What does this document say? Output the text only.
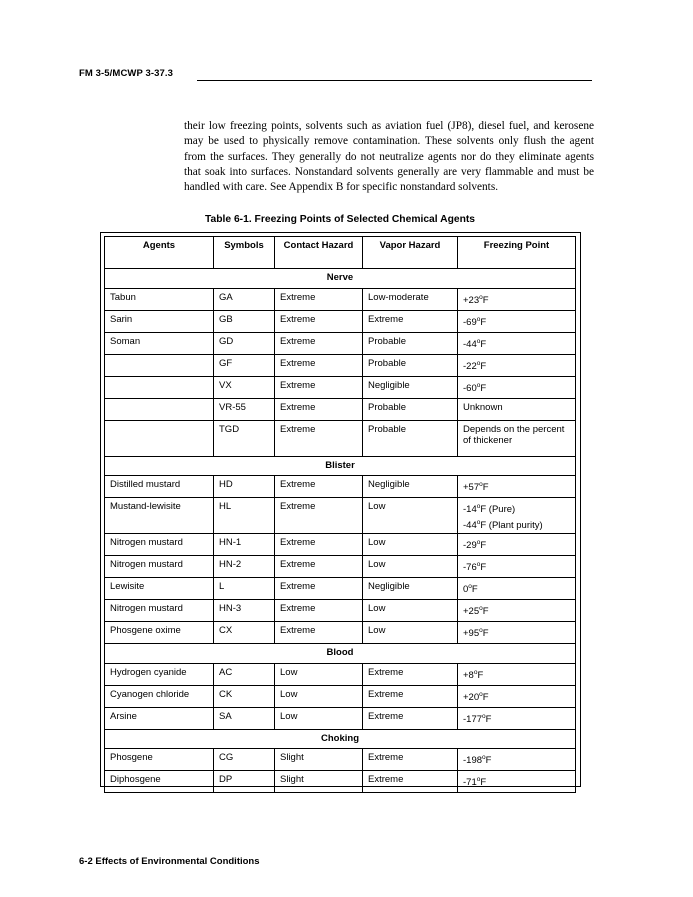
FM 3-5/MCWP 3-37.3

their low freezing points, solvents such as aviation fuel (JP8), diesel fuel, and kerosene may be used to physically remove contamination. These solvents only flush the agent from the surfaces. They generally do not neutralize agents nor do they eliminate agents that soak into surfaces. Nonstandard solvents generally are very flammable and must be handled with care. See Appendix B for specific nonstandard solvents.

Table 6-1. Freezing Points of Selected Chemical Agents
Agents	Symbols	Contact Hazard	Vapor Hazard	Freezing Point
Nerve				
Tabun	GA	Extreme	Low-moderate	$+23^oF$

Sarin	GB	Extreme	Extreme	-69$^o$F

Soman	GD	Extreme	Probable	-44$^o$F

	GF	Extreme	Probable	-22$^o$F

	VX	Extreme	Negligible	-60$^o$F

	VR-55	Extreme	Probable	Unknown
	TGD	Extreme	Probable	Depends on the percent of thickener
Blister				
Distilled mustard	HD	Extreme	Negligible	$+57^oF$

Mustand-lewisite	HL	Extreme	Low	-14$^o$F (Pure)
-44$^o$F (Plant purity)

Nitrogen mustard	HN-1	Extreme	Low	-29$^o$F

Nitrogen mustard	HN-2	Extreme	Low	-76$^o$F

Lewisite	L	Extreme	Negligible	0$^o$F

Nitrogen mustard	HN-3	Extreme	Low	$+25^oF$

Phosgene oxime	CX	Extreme	Low	$+95^oF$

Blood				
Hydrogen cyanide	AC	Low	Extreme	$+8^oF$

Cyanogen chloride	CK	Low	Extreme	$+20^oF$

Arsine	SA	Low	Extreme	-177$^o$F

Choking				
Phosgene	CG	Slight	Extreme	-198$^o$F

Diphosgene	DP	Slight	Extreme	-71$^o$F
6-2 Effects of Environmental Conditions
